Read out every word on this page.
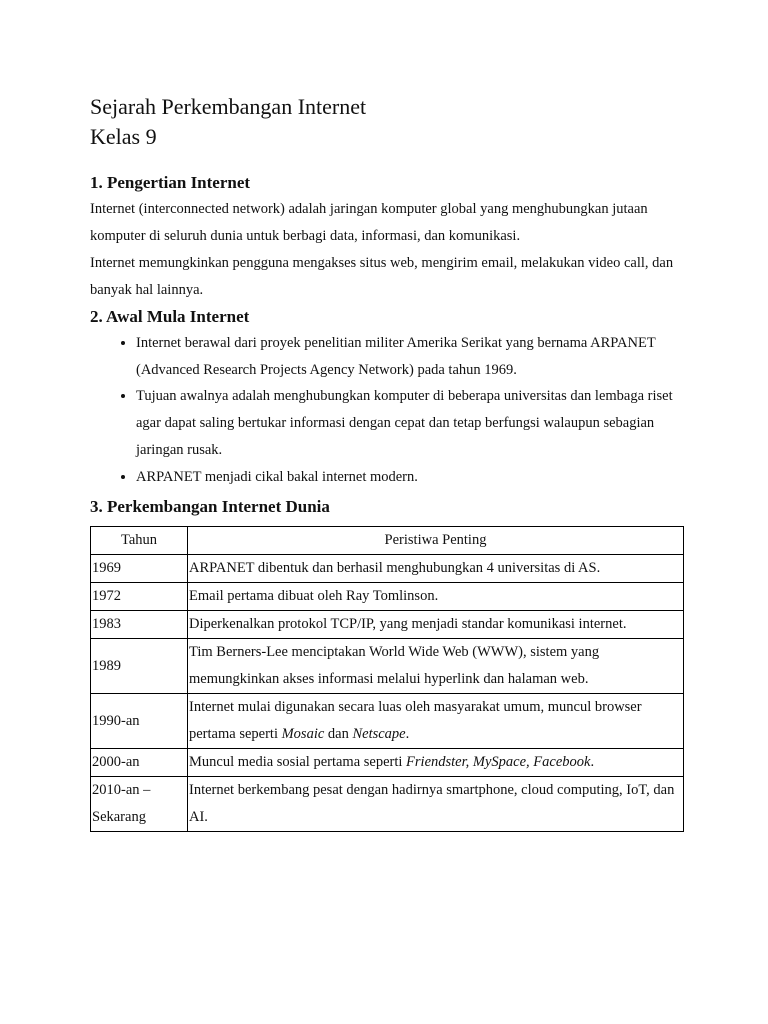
Sejarah Perkembangan Internet
Kelas 9
1. Pengertian Internet

Internet (interconnected network) adalah jaringan komputer global yang menghubungkan jutaan komputer di seluruh dunia untuk berbagi data, informasi, dan komunikasi.

Internet memungkinkan pengguna mengakses situs web, mengirim email, melakukan video call, dan banyak hal lainnya.

2. Awal Mula Internet
• Internet berawal dari proyek penelitian militer Amerika Serikat yang bernama ARPANET (Advanced Research Projects Agency Network) pada tahun 1969.
• Tujuan awalnya adalah menghubungkan komputer di beberapa universitas dan lembaga riset agar dapat saling bertukar informasi dengan cepat dan tetap berfungsi walaupun sebagian jaringan rusak.
• ARPANET menjadi cikal bakal internet modern.
3. Perkembangan Internet Dunia
Tahun	Peristiwa Penting
1969	ARPANET dibentuk dan berhasil menghubungkan 4 universitas di AS.
1972	Email pertama dibuat oleh Ray Tomlinson.
1983	Diperkenalkan protokol TCP/IP, yang menjadi standar komunikasi internet.
1989	Tim Berners-Lee menciptakan World Wide Web (WWW), sistem yang memungkinkan akses informasi melalui hyperlink dan halaman web.
1990-an	Internet mulai digunakan secara luas oleh masyarakat umum, muncul browser pertama seperti Mosaic dan Netscape.
2000-an	Muncul media sosial pertama seperti Friendster, MySpace, Facebook.
2010-an – Sekarang	Internet berkembang pesat dengan hadirnya smartphone, cloud computing, IoT, dan AI.
